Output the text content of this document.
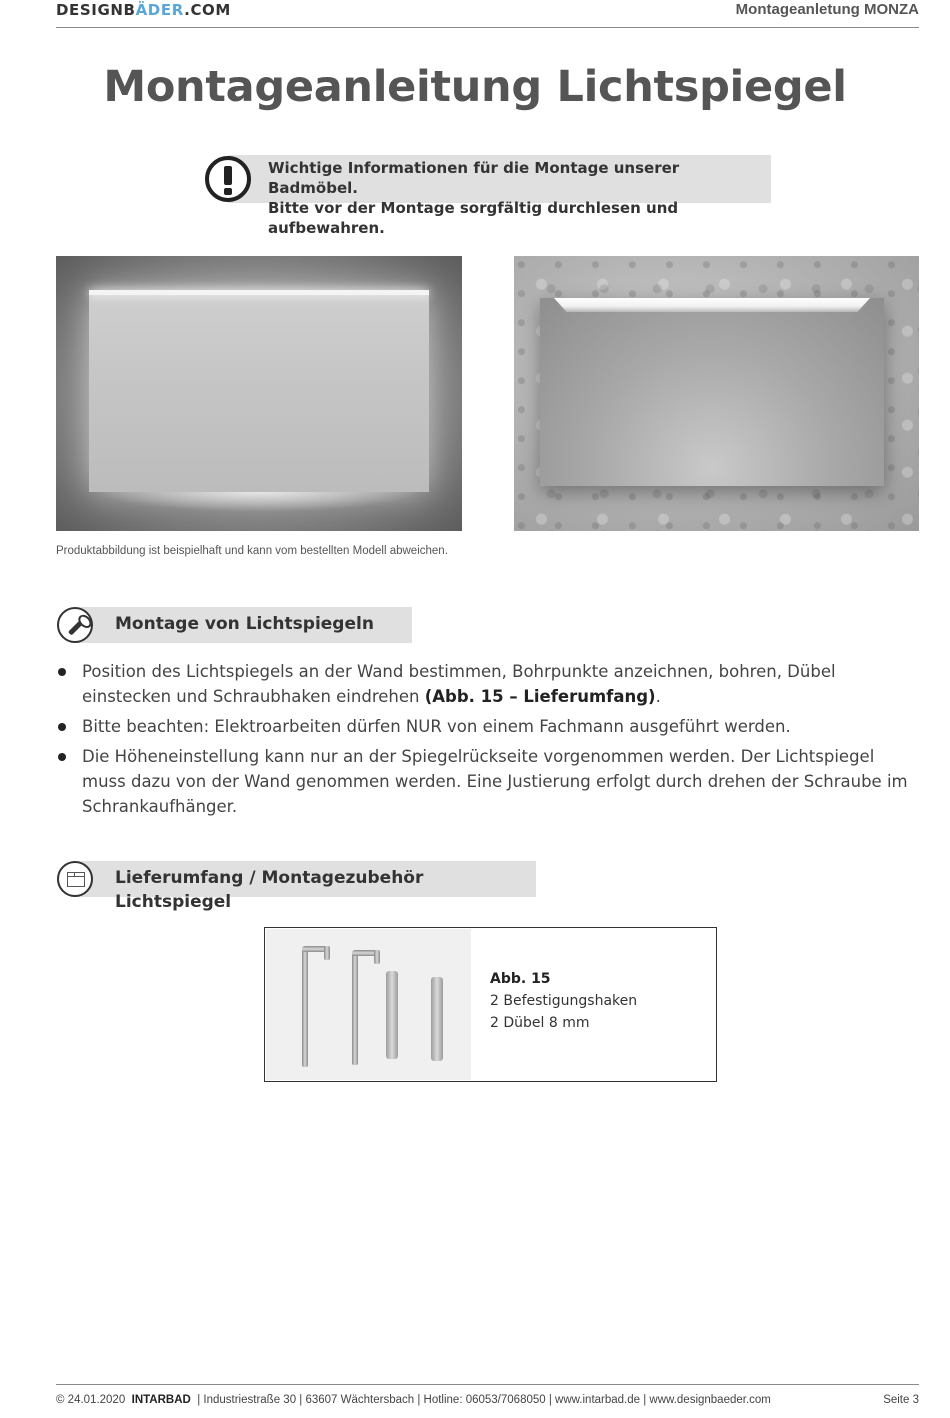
DESIGNBÄDER.COM	Montageanletung MONZA
Montageanleitung Lichtspiegel

Wichtige Informationen für die Montage unserer Badmöbel.

Bitte vor der Montage sorgfältig durchlesen und aufbewahren.

Produktabbildung ist beispielhaft und kann vom bestellten Modell abweichen.
Montage von Lichtspiegeln
Position des Lichtspiegels an der Wand bestimmen, Bohrpunkte anzeichnen, bohren, Dübel einstecken und Schraubhaken eindrehen (Abb. 15 – Lieferumfang).
Bitte beachten: Elektroarbeiten dürfen NUR von einem Fachmann ausgeführt werden.
Die Höheneinstellung kann nur an der Spiegelrückseite vorgenommen werden. Der Lichtspiegel muss dazu von der Wand genommen werden. Eine Justierung erfolgt durch drehen der Schraube im Schrankaufhänger.
Lieferumfang / Montagezubehör Lichtspiegel
Abb. 15
2 Befestigungshaken
2 Dübel 8 mm
© 24.01.2020 INTARBAD | Industriestraße 30 | 63607 Wächtersbach | Hotline: 06053/7068050 | www.intarbad.de | www.designbaeder.com	Seite 3
